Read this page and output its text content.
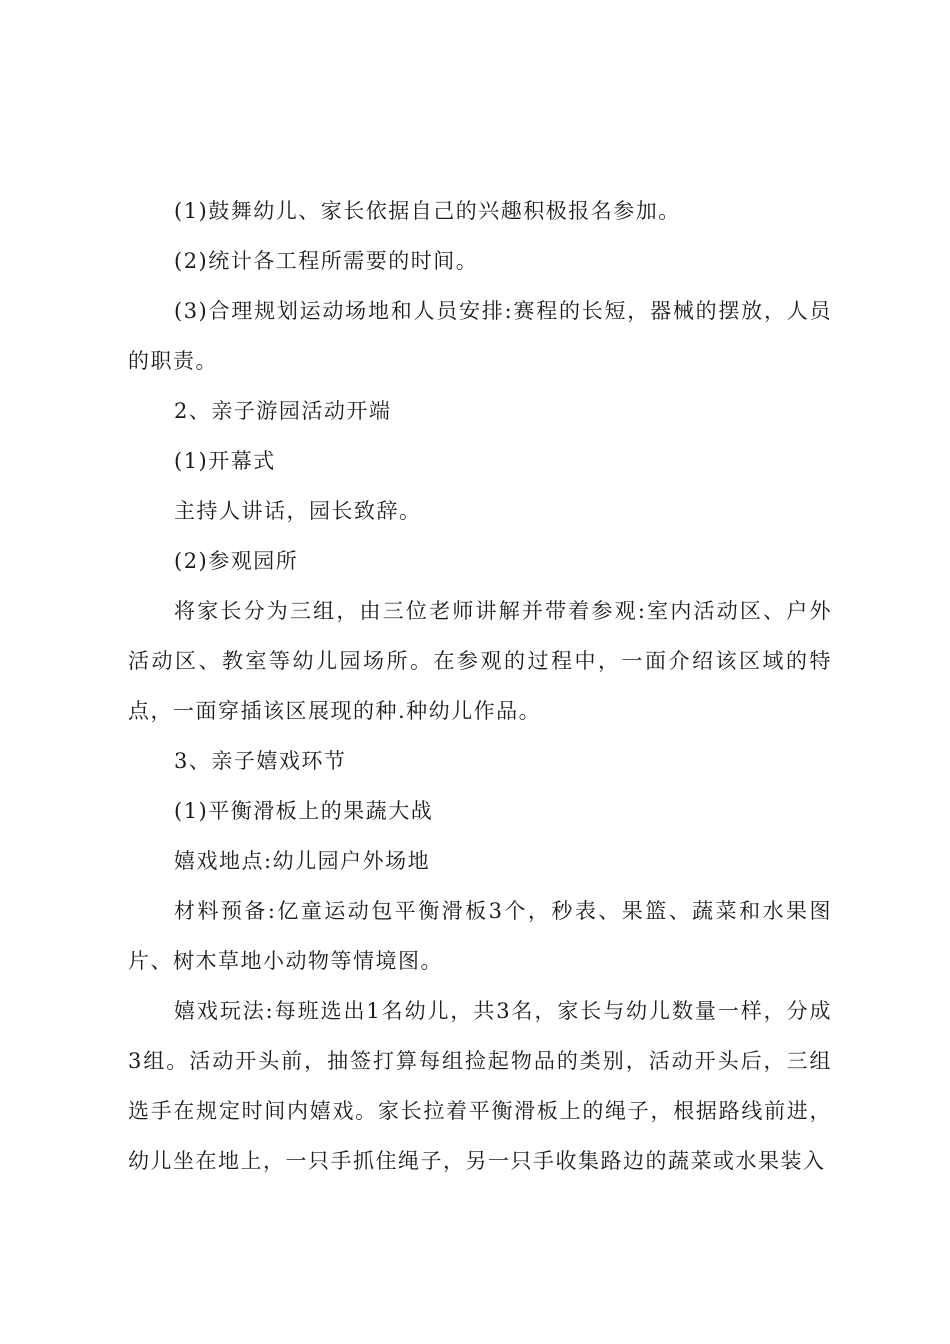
(1)鼓舞幼儿、家长依据自己的兴趣积极报名参加。

(2)统计各工程所需要的时间。

(3)合理规划运动场地和人员安排:赛程的长短，器械的摆放，人员的职责。

2、亲子游园活动开端

(1)开幕式

主持人讲话，园长致辞。

(2)参观园所

将家长分为三组，由三位老师讲解并带着参观:室内活动区、户外活动区、教室等幼儿园场所。在参观的过程中，一面介绍该区域的特点，一面穿插该区展现的种.种幼儿作品。

3、亲子嬉戏环节

(1)平衡滑板上的果蔬大战

嬉戏地点:幼儿园户外场地

材料预备:亿童运动包平衡滑板3个，秒表、果篮、蔬菜和水果图片、树木草地小动物等情境图。

嬉戏玩法:每班选出1名幼儿，共3名，家长与幼儿数量一样，分成3组。活动开头前，抽签打算每组捡起物品的类别，活动开头后，三组选手在规定时间内嬉戏。家长拉着平衡滑板上的绳子，根据路线前进，幼儿坐在地上，一只手抓住绳子，另一只手收集路边的蔬菜或水果装入
